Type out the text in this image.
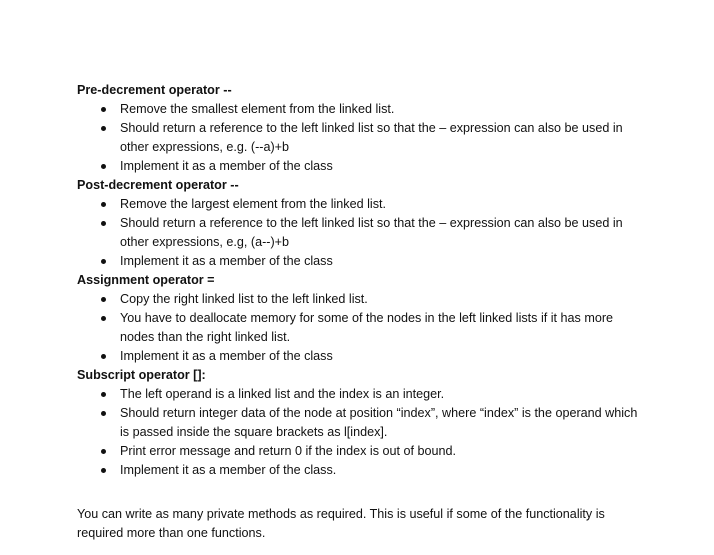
Pre-decrement operator --
Remove the smallest element from the linked list.
Should return a reference to the left linked list so that the – expression can also be used in other expressions, e.g. (--a)+b
Implement it as a member of the class
Post-decrement operator --
Remove the largest element from the linked list.
Should return a reference to the left linked list so that the – expression can also be used in other expressions, e.g, (a--)+b
Implement it as a member of the class
Assignment operator =
Copy the right linked list to the left linked list.
You have to deallocate memory for some of the nodes in the left linked lists if it has more nodes than the right linked list.
Implement it as a member of the class
Subscript operator []:
The left operand is a linked list and the index is an integer.
Should return integer data of the node at position “index”, where “index” is the operand which is passed inside the square brackets as l[index].
Print error message and return 0 if the index is out of bound.
Implement it as a member of the class.
You can write as many private methods as required. This is useful if some of the functionality is required more than one functions.
